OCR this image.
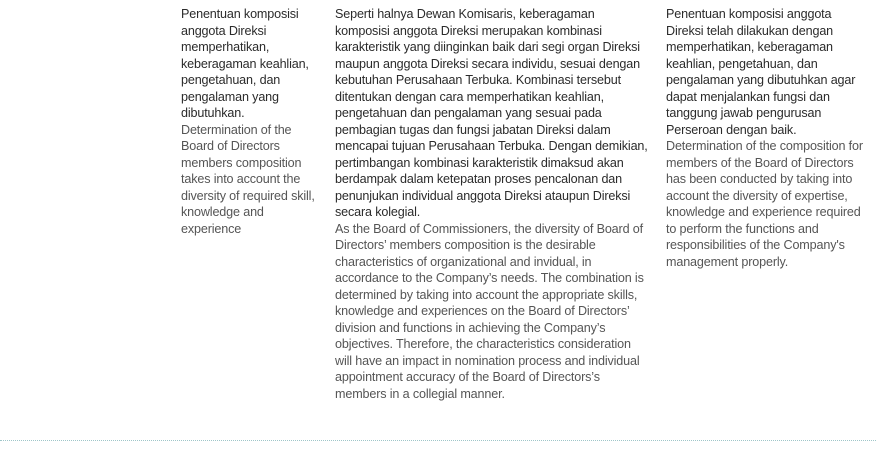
Penentuan komposisi anggota Direksi memperhatikan, keberagaman keahlian, pengetahuan, dan pengalaman yang dibutuhkan.

Determination of the Board of Directors members composition takes into account the diversity of required skill, knowledge and experience

Seperti halnya Dewan Komisaris, keberagaman komposisi anggota Direksi merupakan kombinasi karakteristik yang diinginkan baik dari segi organ Direksi maupun anggota Direksi secara individu, sesuai dengan kebutuhan Perusahaan Terbuka. Kombinasi tersebut ditentukan dengan cara memperhatikan keahlian, pengetahuan dan pengalaman yang sesuai pada pembagian tugas dan fungsi jabatan Direksi dalam mencapai tujuan Perusahaan Terbuka. Dengan demikian, pertimbangan kombinasi karakteristik dimaksud akan berdampak dalam ketepatan proses pencalonan dan penunjukan individual anggota Direksi ataupun Direksi secara kolegial.

As the Board of Commissioners, the diversity of Board of Directors’ members composition is the desirable characteristics of organizational and invidual, in accordance to the Company’s needs. The combination is determined by taking into account the appropriate skills, knowledge and experiences on the Board of Directors’ division and functions in achieving the Company’s objectives. Therefore, the characteristics consideration will have an impact in nomination process and individual appointment accuracy of the Board of Directors’s members in a collegial manner.

Penentuan komposisi anggota Direksi telah dilakukan dengan memperhatikan, keberagaman keahlian, pengetahuan, dan pengalaman yang dibutuhkan agar dapat menjalankan fungsi dan tanggung jawab pengurusan Perseroan dengan baik.

Determination of the composition for members of the Board of Directors has been conducted by taking into account the diversity of expertise, knowledge and experience required to perform the functions and responsibilities of the Company's management properly.
